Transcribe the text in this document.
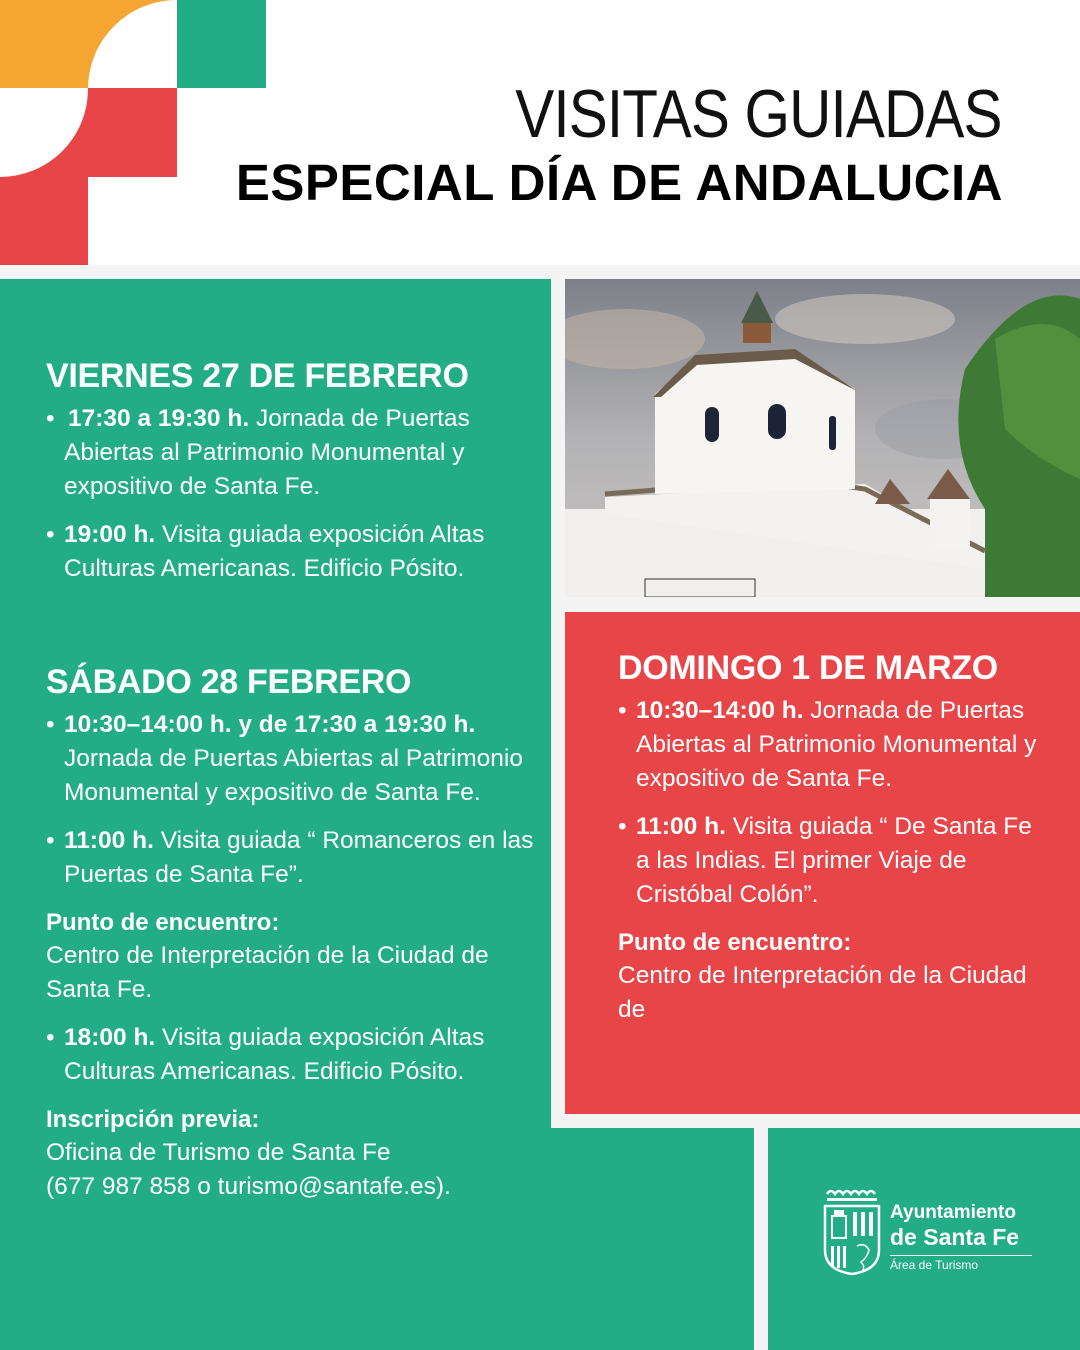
VISITAS GUIADAS
ESPECIAL DÍA DE ANDALUCIA
VIERNES 27 DE FEBRERO
• 17:30 a 19:30 h. Jornada de Puertas Abiertas al Patrimonio Monumental y expositivo de Santa Fe.
• 19:00 h. Visita guiada exposición Altas Culturas Americanas. Edificio Pósito.
SÁBADO 28 FEBRERO
• 10:30–14:00 h. y de 17:30 a 19:30 h. Jornada de Puertas Abiertas al Patrimonio Monumental y expositivo de Santa Fe.
• 11:00 h. Visita guiada “ Romanceros en las Puertas de Santa Fe”.
Punto de encuentro:
Centro de Interpretación de la Ciudad de Santa Fe.
• 18:00 h. Visita guiada exposición Altas Culturas Americanas. Edificio Pósito.
Inscripción previa:
Oficina de Turismo de Santa Fe
(677 987 858 o turismo@santafe.es).
DOMINGO 1 DE MARZO
• 10:30–14:00 h. Jornada de Puertas Abiertas al Patrimonio Monumental y expositivo de Santa Fe.
• 11:00 h. Visita guiada “ De Santa Fe a las Indias. El primer Viaje de Cristóbal Colón”.
Punto de encuentro:
Centro de Interpretación de la Ciudad de
Ayuntamiento
de Santa Fe
Área de Turismo
